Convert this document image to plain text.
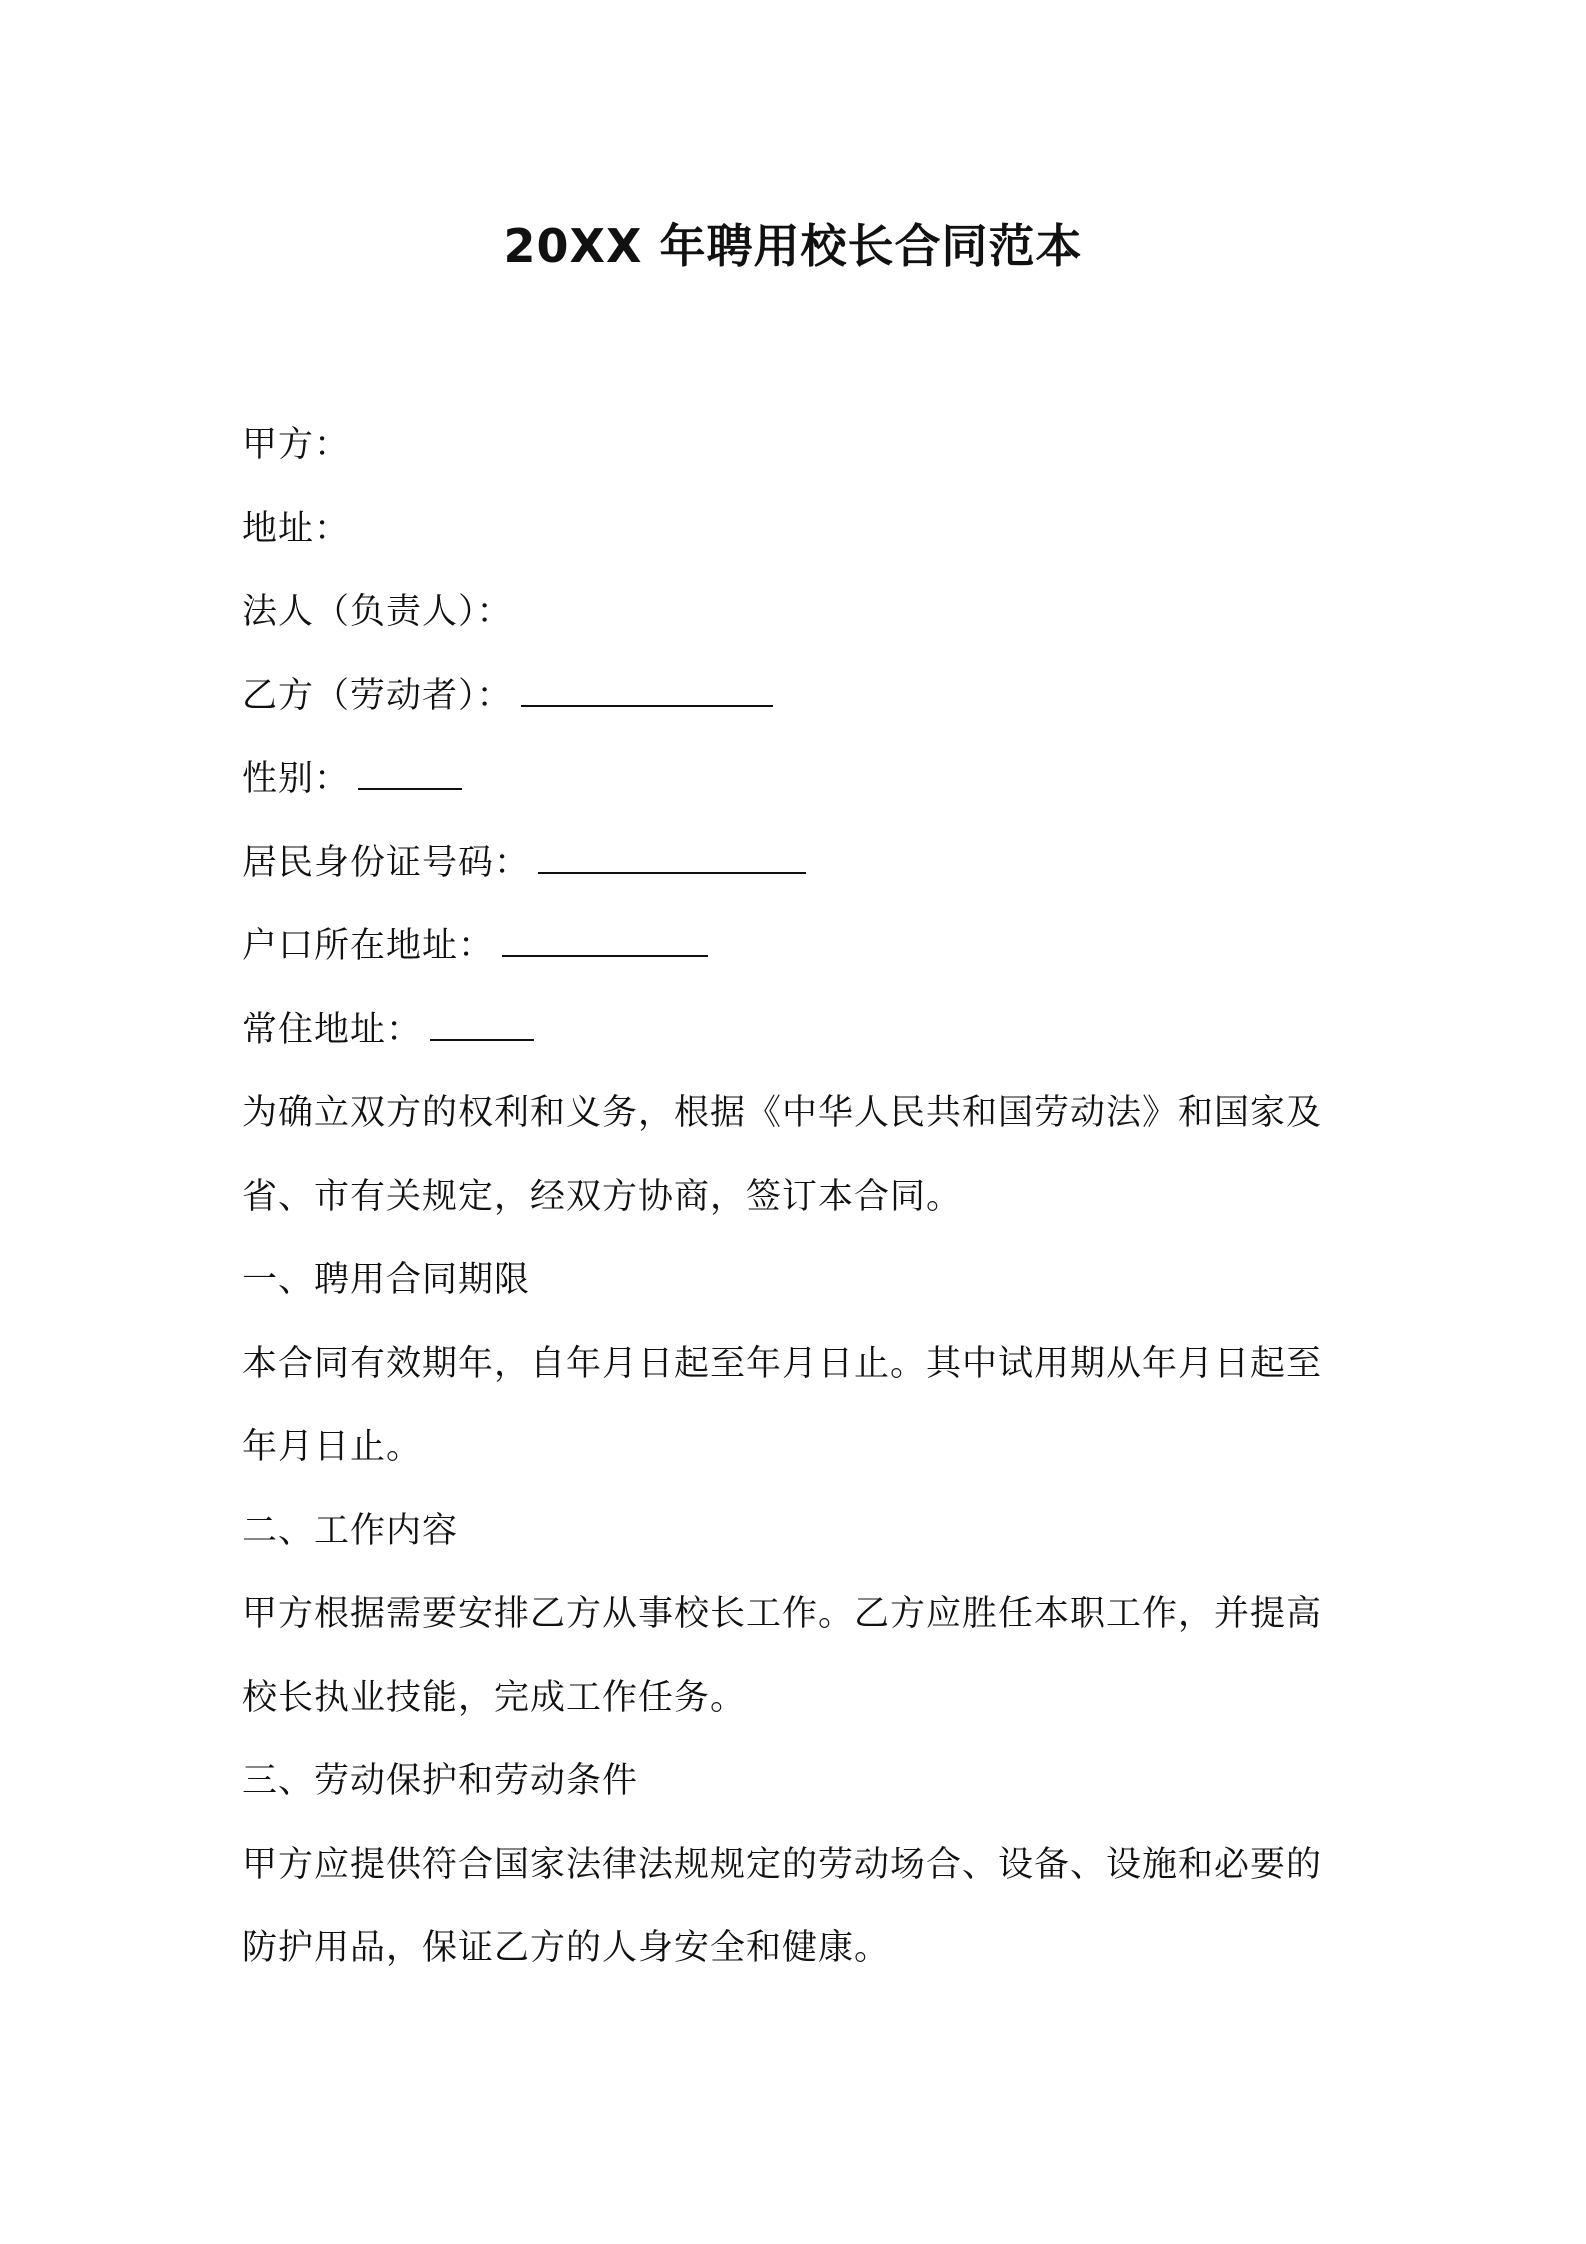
20XX 年聘用校长合同范本
甲方：
地址：
法人（负责人）：
乙方（劳动者）：
性别：
居民身份证号码：
户口所在地址：
常住地址：
为确立双方的权利和义务，根据《中华人民共和国劳动法》和国家及
省、市有关规定，经双方协商，签订本合同。
一、聘用合同期限
本合同有效期年，自年月日起至年月日止。其中试用期从年月日起至
年月日止。
二、工作内容
甲方根据需要安排乙方从事校长工作。乙方应胜任本职工作，并提高
校长执业技能，完成工作任务。
三、劳动保护和劳动条件
甲方应提供符合国家法律法规规定的劳动场合、设备、设施和必要的
防护用品，保证乙方的人身安全和健康。
